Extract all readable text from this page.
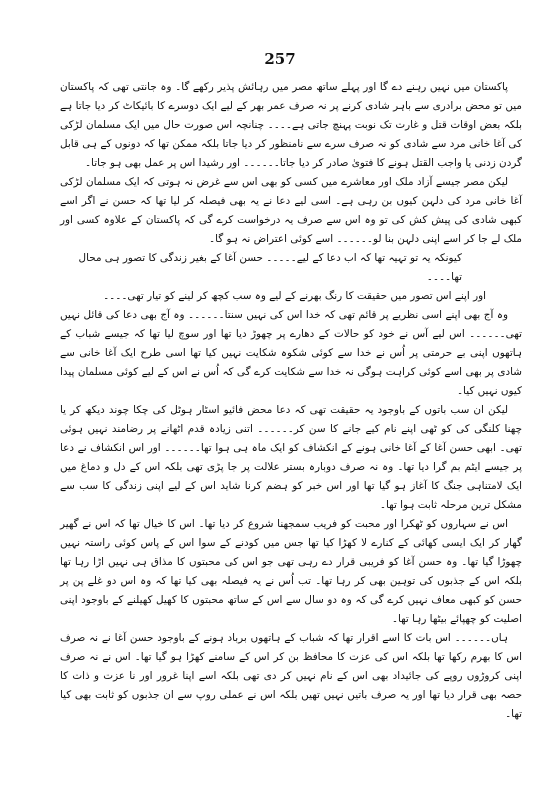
257

پاکستان میں نہیں رہنے دے گا اور پہلے ساتھ مصر میں رہائش پذیر رکھے گا۔ وہ جانتی تھی کہ پاکستان میں تو محض برادری سے باہر شادی کرنے پر نہ صرف عمر بھر کے لیے ایک دوسرے کا بائیکاٹ کر دیا جاتا ہے بلکہ بعض اوقات قتل و غارت تک نوبت پہنچ جاتی ہے۔۔۔۔ چنانچہ اس صورت حال میں ایک مسلمان لڑکی کی آغا خانی مرد سے شادی کو نہ صرف سرے سے نامنظور کر دیا جاتا بلکہ ممکن تھا کہ دونوں کے ہی قابل گردن زدنی یا واجب القتل ہونے کا فتویٰ صادر کر دیا جاتا۔۔۔۔۔۔ اور رشیدا اس پر عمل بھی ہو جاتا۔

لیکن مصر جیسے آزاد ملک اور معاشرے میں کسی کو بھی اس سے غرض نہ ہوتی کہ ایک مسلمان لڑکی آغا خانی مرد کی دلہن کیوں بن رہی ہے۔ اسی لیے دعا نے یہ بھی فیصلہ کر لیا تھا کہ حسن نے اگر اسے کبھی شادی کی پیش کش کی تو وہ اس سے صرف یہ درخواست کرے گی کہ پاکستان کے علاوہ کسی اور ملک لے جا کر اسے اپنی دلہن بنا لو۔۔۔۔۔۔ اسے کوئی اعتراض نہ ہو گا۔

کیونکہ یہ تو تہیہ تھا کہ اب دعا کے لیے۔۔۔۔۔ حسن آغا کے بغیر زندگی کا تصور ہی محال تھا۔۔۔۔

اور اپنے اس تصور میں حقیقت کا رنگ بھرنے کے لیے وہ سب کچھ کر لینے کو تیار تھی۔۔۔۔

وہ آج بھی اپنے اسی نظریے پر قائم تھی کہ خدا اس کی نہیں سنتا۔۔۔۔۔۔ وہ آج بھی دعا کی قائل نہیں تھی۔۔۔۔۔۔ اس لیے آس نے خود کو حالات کے دھارے پر چھوڑ دیا تھا اور سوچ لیا تھا کہ جیسے شباب کے ہاتھوں اپنی بے حرمتی پر اُس نے خدا سے کوئی شکوہ شکایت نہیں کیا تھا اسی طرح ایک آغا خانی سے شادی پر بھی اسے کوئی کراہت ہوگی نہ خدا سے شکایت کرے گی کہ اُس نے اس کے لیے کوئی مسلمان پیدا کیوں نہیں کیا۔

لیکن ان سب باتوں کے باوجود یہ حقیقت تھی کہ دعا محض فائیو اسٹار ہوٹل کی چکا چوند دیکھ کر یا چھنا کلنگی کی کو ٹھی اپنے نام کیے جانے کا سن کر۔۔۔۔۔۔ اتنی زیادہ قدم اٹھانے پر رضامند نہیں ہوئی تھی۔ ابھی حسن آغا کے آغا خانی ہونے کے انکشاف کو ایک ماہ ہی ہوا تھا۔۔۔۔۔۔ اور اس انکشاف نے دعا پر جیسے ایٹم بم گرا دیا تھا۔ وہ نہ صرف دوبارہ بستر علالت پر جا پڑی تھی بلکہ اس کے دل و دماغ میں ایک لامتناہی جنگ کا آغاز ہو گیا تھا اور اس خبر کو ہضم کرنا شاید اس کے لیے اپنی زندگی کا سب سے مشکل ترین مرحلہ ثابت ہوا تھا۔

اس نے سہاروں کو ٹھکرا اور محبت کو فریب سمجھنا شروع کر دیا تھا۔ اس کا خیال تھا کہ اس نے گھیر گھار کر ایک ایسی کھائی کے کنارے لا کھڑا کیا تھا جس میں کودنے کے سوا اس کے پاس کوئی راستہ نہیں چھوڑا گیا تھا۔ وہ حسن آغا کو فریبی قرار دے رہی تھی جو اس کی محبتوں کا مذاق ہی نہیں اڑا رہا تھا بلکہ اس کے جذبوں کی توہین بھی کر رہا تھا۔ تب اُس نے یہ فیصلہ بھی کیا تھا کہ وہ اس دو غلے پن پر حسن کو کبھی معاف نہیں کرے گی کہ وہ دو سال سے اس کے ساتھ محبتوں کا کھیل کھیلنے کے باوجود اپنی اصلیت کو چھپائے بیٹھا رہا تھا۔

ہاں۔۔۔۔۔۔ اس بات کا اسے اقرار تھا کہ شباب کے ہاتھوں برباد ہونے کے باوجود حسن آغا نے نہ صرف اس کا بھرم رکھا تھا بلکہ اس کی عزت کا محافظ بن کر اس کے سامنے کھڑا ہو گیا تھا۔ اس نے نہ صرف اپنی کروڑوں روپے کی جائیداد بھی اس کے نام نہیں کر دی تھی بلکہ اسے اپنا غرور اور نا عزت و ذات کا حصہ بھی قرار دیا تھا اور یہ صرف باتیں نہیں تھیں بلکہ اس نے عملی روپ سے ان جذبوں کو ثابت بھی کیا تھا۔
